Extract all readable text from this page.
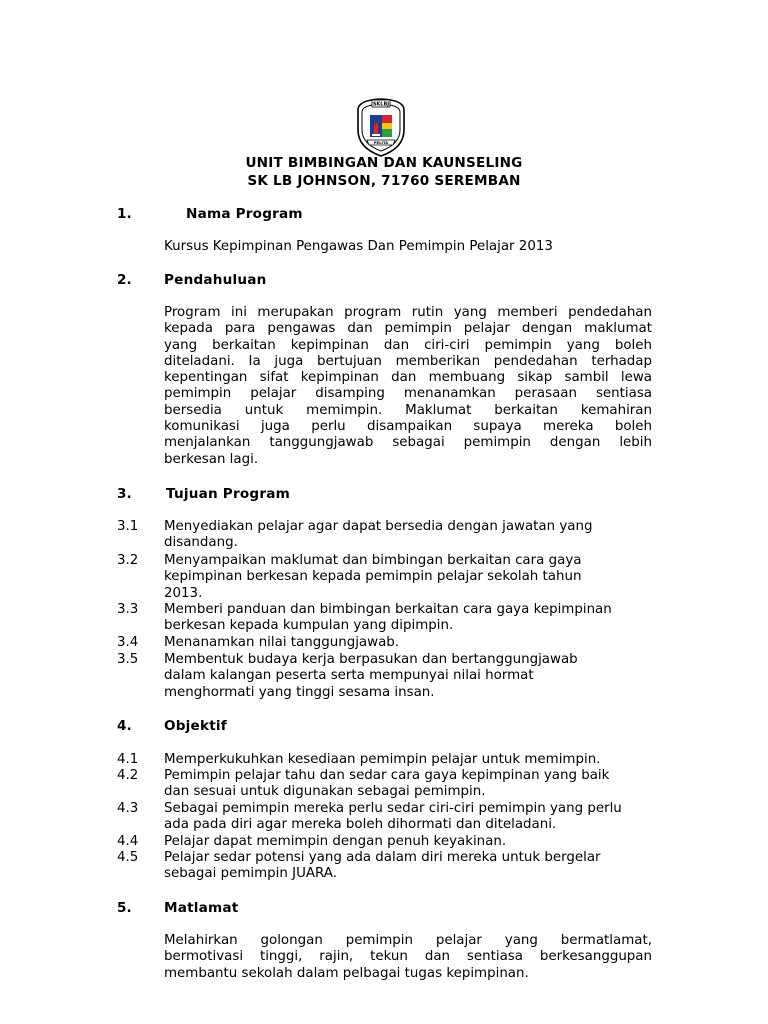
SKLBJ
PELITA
UNIT BIMBINGAN DAN KAUNSELING
SK LB JOHNSON, 71760 SEREMBAN
1.	Nama Program
Kursus Kepimpinan Pengawas Dan Pemimpin Pelajar 2013
2. Pendahuluan

Program ini merupakan program rutin yang memberi pendedahan

kepada para pengawas dan pemimpin pelajar dengan maklumat

yang berkaitan kepimpinan dan ciri-ciri pemimpin yang boleh

diteladani. Ia juga bertujuan memberikan pendedahan terhadap

kepentingan sifat kepimpinan dan membuang sikap sambil lewa

pemimpin pelajar disamping menanamkan perasaan sentiasa

bersedia untuk memimpin. Maklumat berkaitan kemahiran

komunikasi juga perlu disampaikan supaya mereka boleh

menjalankan tanggungjawab sebagai pemimpin dengan lebih

berkesan lagi.

3.	Tujuan Program
3.1 Menyediakan pelajar agar dapat bersedia dengan jawatan yang
disandang.
3.2 Menyampaikan maklumat dan bimbingan berkaitan cara gaya
kepimpinan berkesan kepada pemimpin pelajar sekolah tahun
2013.
3.3 Memberi panduan dan bimbingan berkaitan cara gaya kepimpinan
berkesan kepada kumpulan yang dipimpin.
3.4 Menanamkan nilai tanggungjawab.
3.5 Membentuk budaya kerja berpasukan dan bertanggungjawab
dalam kalangan peserta serta mempunyai nilai hormat
menghormati yang tinggi sesama insan.
4. Objektif
4.1 Memperkukuhkan kesediaan pemimpin pelajar untuk memimpin.
4.2 Pemimpin pelajar tahu dan sedar cara gaya kepimpinan yang baik
dan sesuai untuk digunakan sebagai pemimpin.
4.3 Sebagai pemimpin mereka perlu sedar ciri-ciri pemimpin yang perlu
ada pada diri agar mereka boleh dihormati dan diteladani.
4.4 Pelajar dapat memimpin dengan penuh keyakinan.
4.5 Pelajar sedar potensi yang ada dalam diri mereka untuk bergelar
sebagai pemimpin JUARA.
5. Matlamat

Melahirkan golongan pemimpin pelajar yang bermatlamat,

bermotivasi tinggi, rajin, tekun dan sentiasa berkesanggupan

membantu sekolah dalam pelbagai tugas kepimpinan.
